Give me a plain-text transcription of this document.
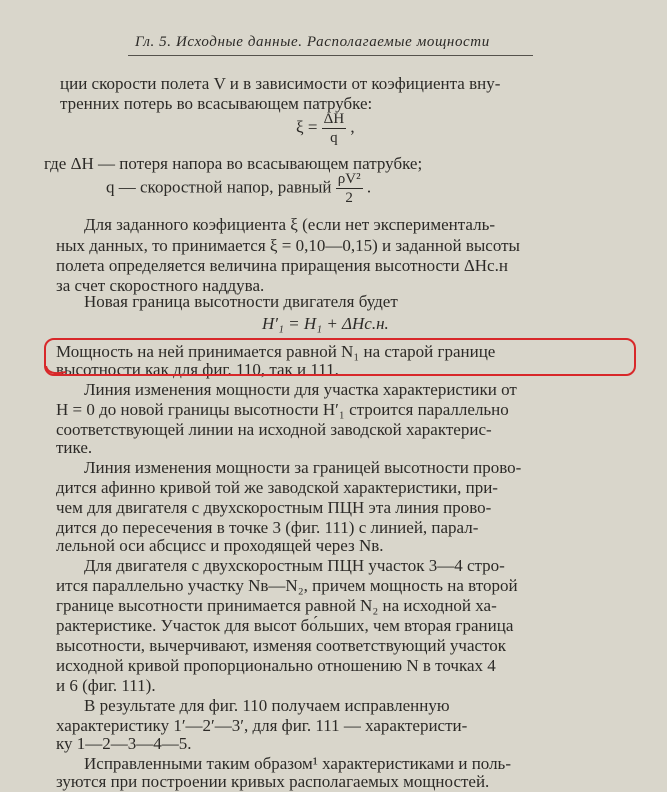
Гл. 5. Исходные данные. Располагаемые мощности
ции скорости полета V и в зависимости от коэфициента вну-
тренних потерь во всасывающем патрубке:
$\xi = \frac{\Delta H}{q}$ ,
где ΔH — потеря напора во всасывающем патрубке;
q — скоростной напор, равный $\frac{\text{ρV²}}{2}$ .
Для заданного коэфициента ξ (если нет эксперименталь-
ных данных, то принимается ξ = 0,10—0,15) и заданной высоты
полета определяется величина приращения высотности ΔHс.н
за счет скоростного наддува.
Новая граница высотности двигателя будет
H′₁ = H₁ + ΔHс.н.
Мощность на ней принимается равной N₁ на старой границе
высотности как для фиг. 110, так и 111.
Линия изменения мощности для участка характеристики от
H = 0 до новой границы высотности H′₁ строится параллельно
соответствующей линии на исходной заводской характерис-
тике.
Линия изменения мощности за границей высотности прово-
дится афинно кривой той же заводской характеристики, при-
чем для двигателя с двухскоростным ПЦН эта линия прово-
дится до пересечения в точке 3 (фиг. 111) с линией, парал-
лельной оси абсцисс и проходящей через Nв.
Для двигателя с двухскоростным ПЦН участок 3—4 стро-
ится параллельно участку Nв—N₂, причем мощность на второй
границе высотности принимается равной N₂ на исходной ха-
рактеристике. Участок для высот бо́льших, чем вторая граница
высотности, вычерчивают, изменяя соответствующий участок
исходной кривой пропорционально отношению N в точках 4
и 6 (фиг. 111).
В результате для фиг. 110 получаем исправленную
характеристику 1′—2′—3′, для фиг. 111 — характеристи-
ку 1—2—3—4—5.
Исправленными таким образом¹ характеристиками и поль-
зуются при построении кривых располагаемых мощностей.
